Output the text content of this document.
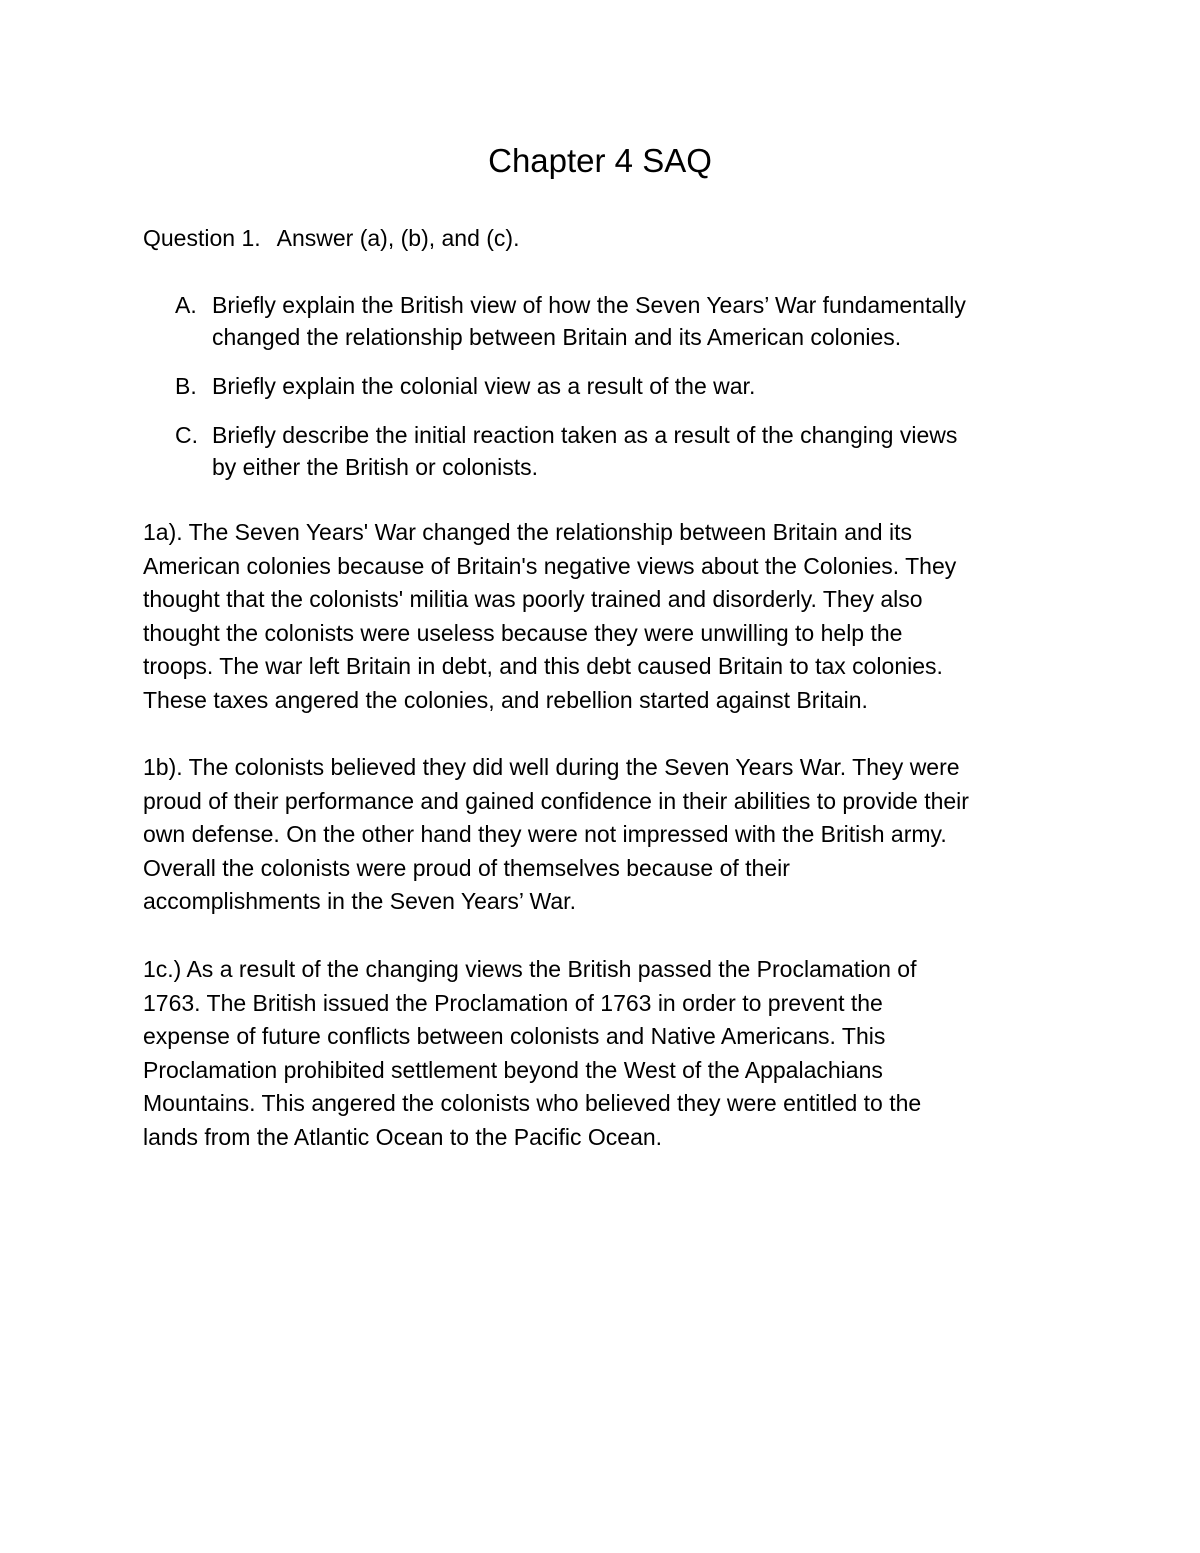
Chapter 4 SAQ

Question 1. Answer (a), (b), and (c).

A. Briefly explain the British view of how the Seven Years’ War fundamentally
changed the relationship between Britain and its American colonies.
B. Briefly explain the colonial view as a result of the war.
C. Briefly describe the initial reaction taken as a result of the changing views
by either the British or colonists.

1a). The Seven Years' War changed the relationship between Britain and its
American colonies because of Britain's negative views about the Colonies. They
thought that the colonists' militia was poorly trained and disorderly. They also
thought the colonists were useless because they were unwilling to help the
troops. The war left Britain in debt, and this debt caused Britain to tax colonies.
These taxes angered the colonies, and rebellion started against Britain.

1b). The colonists believed they did well during the Seven Years War. They were
proud of their performance and gained confidence in their abilities to provide their
own defense. On the other hand they were not impressed with the British army.
Overall the colonists were proud of themselves because of their
accomplishments in the Seven Years’ War.

1c.) As a result of the changing views the British passed the Proclamation of
1763. The British issued the Proclamation of 1763 in order to prevent the
expense of future conflicts between colonists and Native Americans. This
Proclamation prohibited settlement beyond the West of the Appalachians
Mountains. This angered the colonists who believed they were entitled to the
lands from the Atlantic Ocean to the Pacific Ocean.
